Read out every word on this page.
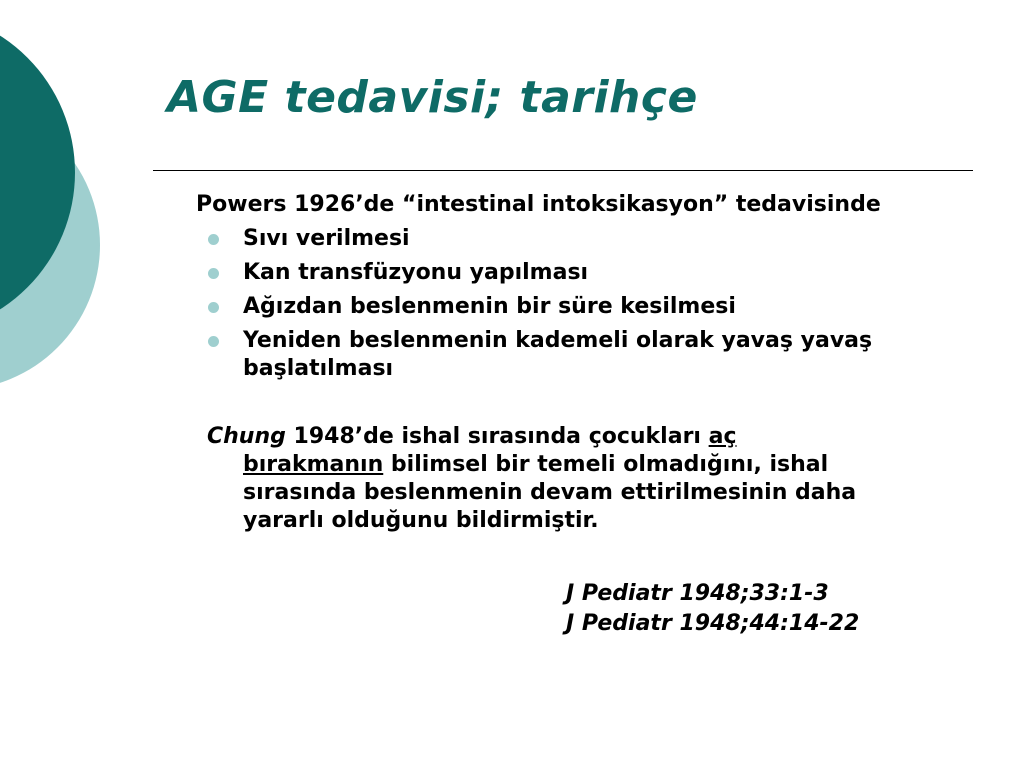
AGE tedavisi; tarihçe
Powers 1926’de “intestinal intoksikasyon” tedavisinde
Sıvı verilmesi
Kan transfüzyonu yapılması
Ağızdan beslenmenin bir süre kesilmesi
Yeniden beslenmenin kademeli olarak yavaş yavaş
başlatılması
Chung 1948’de ishal sırasında çocukları aç
bırakmanın bilimsel bir temeli olmadığını, ishal
sırasında beslenmenin devam ettirilmesinin daha
yararlı olduğunu bildirmiştir.
J Pediatr 1948;33:1-3
J Pediatr 1948;44:14-22
